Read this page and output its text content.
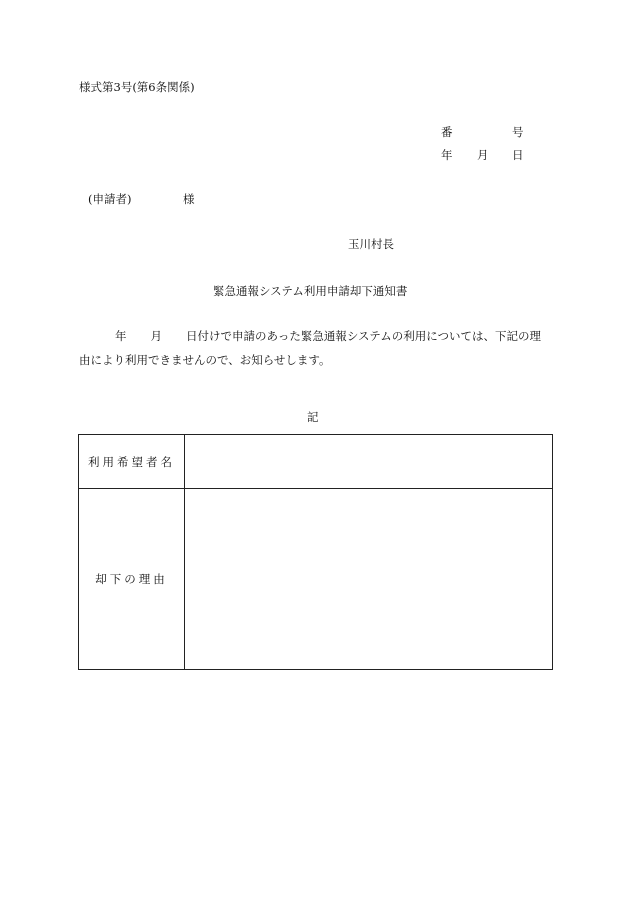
様式第3号(第6条関係)
番	号
年 月 日
(申請者)	様
玉川村長
緊急通報システム利用申請却下通知書
年 月 日付けで申請のあった緊急通報システムの利用については、下記の理
由により利用できませんので、お知らせします。
記
利用希望者名	
却下の理由	
